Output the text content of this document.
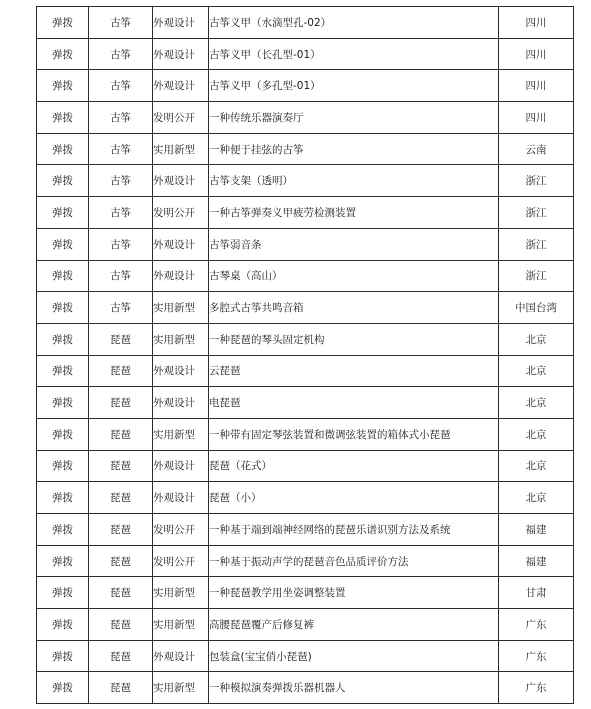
弹拨	古筝	外观设计	古筝义甲（水滴型孔-02）	四川
弹拨	古筝	外观设计	古筝义甲（长孔型-01）	四川
弹拨	古筝	外观设计	古筝义甲（多孔型-01）	四川
弹拨	古筝	发明公开	一种传统乐器演奏厅	四川
弹拨	古筝	实用新型	一种便于挂弦的古筝	云南
弹拨	古筝	外观设计	古筝支架（透明）	浙江
弹拨	古筝	发明公开	一种古筝弹奏义甲疲劳检测装置	浙江
弹拨	古筝	外观设计	古筝弱音条	浙江
弹拨	古筝	外观设计	古琴桌（高山）	浙江
弹拨	古筝	实用新型	多腔式古筝共鸣音箱	中国台湾
弹拨	琵琶	实用新型	一种琵琶的琴头固定机构	北京
弹拨	琵琶	外观设计	云琵琶	北京
弹拨	琵琶	外观设计	电琵琶	北京
弹拨	琵琶	实用新型	一种带有固定琴弦装置和微调弦装置的箱体式小琵琶	北京
弹拨	琵琶	外观设计	琵琶（花式）	北京
弹拨	琵琶	外观设计	琵琶（小）	北京
弹拨	琵琶	发明公开	一种基于端到端神经网络的琵琶乐谱识别方法及系统	福建
弹拨	琵琶	发明公开	一种基于振动声学的琵琶音色品质评价方法	福建
弹拨	琵琶	实用新型	一种琵琶教学用坐姿调整装置	甘肃
弹拨	琵琶	实用新型	高腰琵琶覆产后修复裤	广东
弹拨	琵琶	外观设计	包装盒(宝宝俏小琵琶)	广东
弹拨	琵琶	实用新型	一种模拟演奏弹拨乐器机器人	广东
